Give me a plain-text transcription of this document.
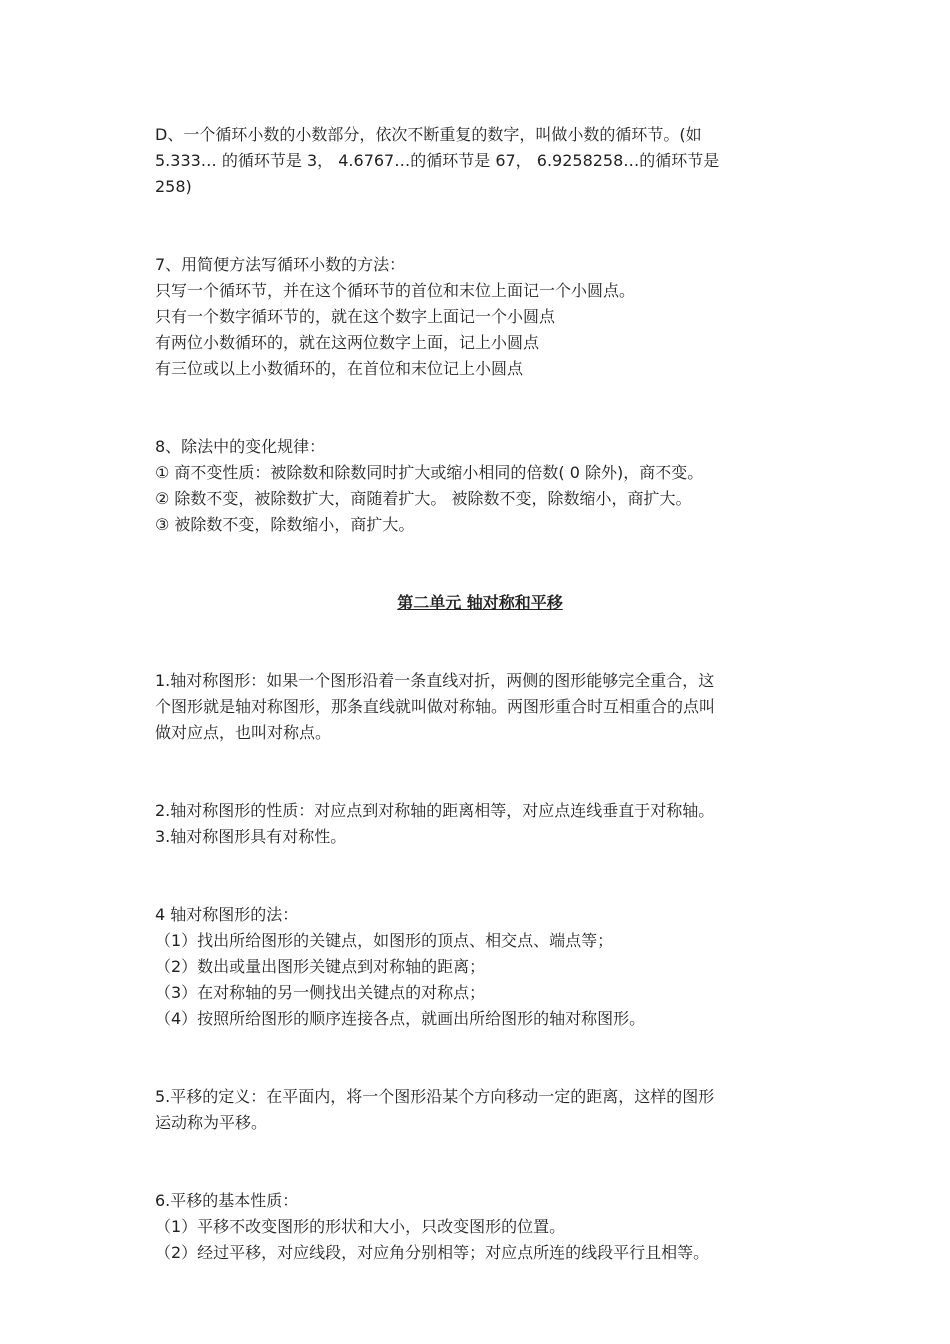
D、一个循环小数的小数部分，依次不断重复的数字，叫做小数的循环节。(如

5.333… 的循环节是 3， 4.6767…的循环节是 67， 6.9258258…的循环节是

258)

7、用简便方法写循环小数的方法：

只写一个循环节，并在这个循环节的首位和末位上面记一个小圆点。

只有一个数字循环节的，就在这个数字上面记一个小圆点

有两位小数循环的，就在这两位数字上面，记上小圆点

有三位或以上小数循环的，在首位和末位记上小圆点

8、除法中的变化规律：

① 商不变性质：被除数和除数同时扩大或缩小相同的倍数( 0 除外)，商不变。

② 除数不变，被除数扩大，商随着扩大。 被除数不变，除数缩小，商扩大。

③ 被除数不变，除数缩小，商扩大。

第二单元 轴对称和平移

1.轴对称图形：如果一个图形沿着一条直线对折，两侧的图形能够完全重合，这

个图形就是轴对称图形，那条直线就叫做对称轴。两图形重合时互相重合的点叫

做对应点，也叫对称点。

2.轴对称图形的性质：对应点到对称轴的距离相等，对应点连线垂直于对称轴。

3.轴对称图形具有对称性。

4 轴对称图形的法：

（1）找出所给图形的关键点，如图形的顶点、相交点、端点等；

（2）数出或量出图形关键点到对称轴的距离；

（3）在对称轴的另一侧找出关键点的对称点；

（4）按照所给图形的顺序连接各点，就画出所给图形的轴对称图形。

5.平移的定义：在平面内，将一个图形沿某个方向移动一定的距离，这样的图形

运动称为平移。

6.平移的基本性质：

（1）平移不改变图形的形状和大小，只改变图形的位置。

（2）经过平移，对应线段，对应角分别相等；对应点所连的线段平行且相等。
